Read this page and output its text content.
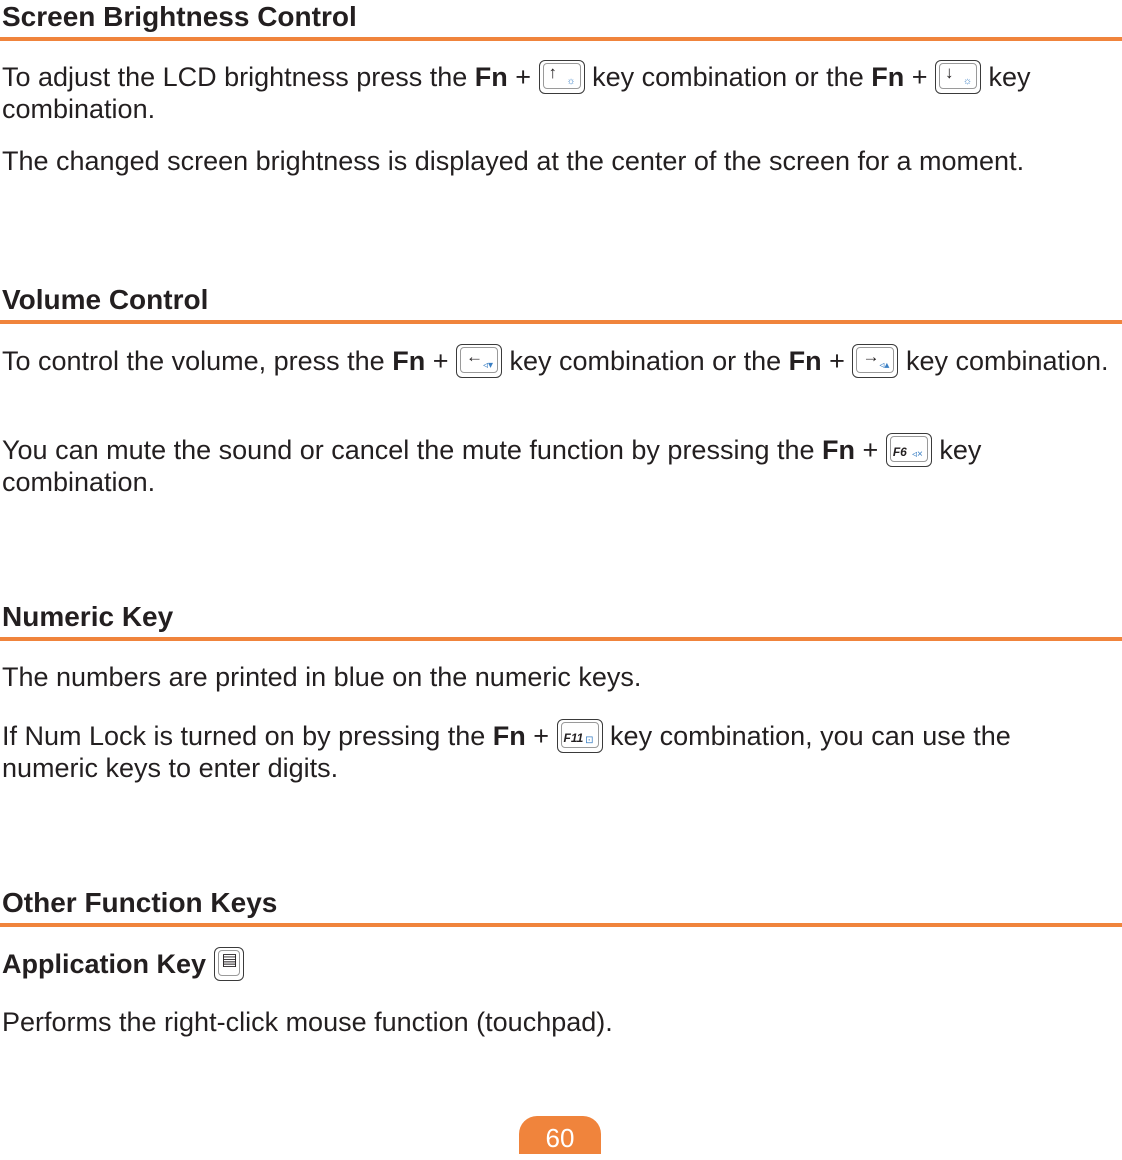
Screen Brightness Control
To adjust the LCD brightness press the Fn + ↑ ☼ key combination or the Fn + ↓ ☼ key combination.
The changed screen brightness is displayed at the center of the screen for a moment.
Volume Control
To control the volume, press the Fn + ← ◃▾ key combination or the Fn + → ◃▴ key combination.
You can mute the sound or cancel the mute function by pressing the Fn + F6 ◃× key combination.
Numeric Key
The numbers are printed in blue on the numeric keys.
If Num Lock is turned on by pressing the Fn + F11 ⊡ key combination, you can use the numeric keys to enter digits.
Other Function Keys
Application Key ▤
Performs the right-click mouse function (touchpad).
60
